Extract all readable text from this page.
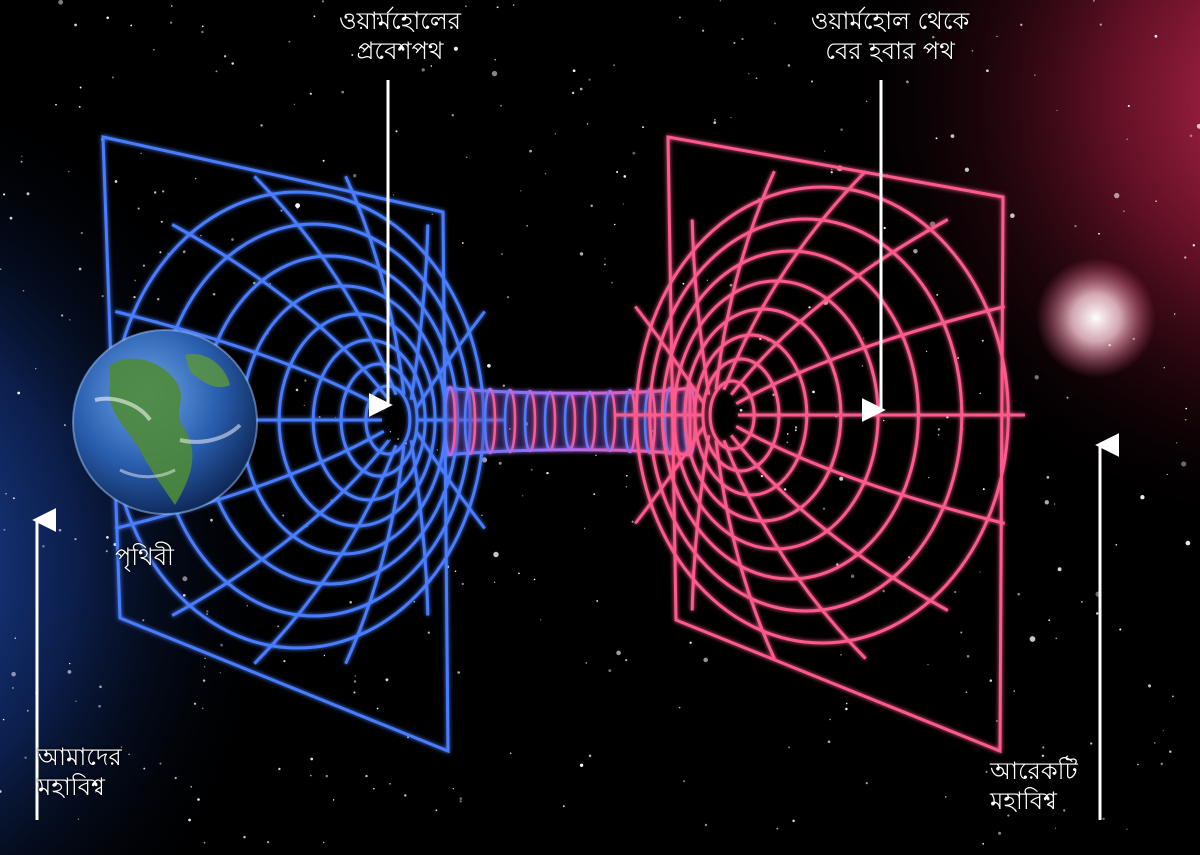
ওয়ার্মহোলের
প্রবেশপথ
ওয়ার্মহোল থেকে
বের হবার পথ
পৃথিবী
আমাদের
মহাবিশ্ব
আরেকটি
মহাবিশ্ব
